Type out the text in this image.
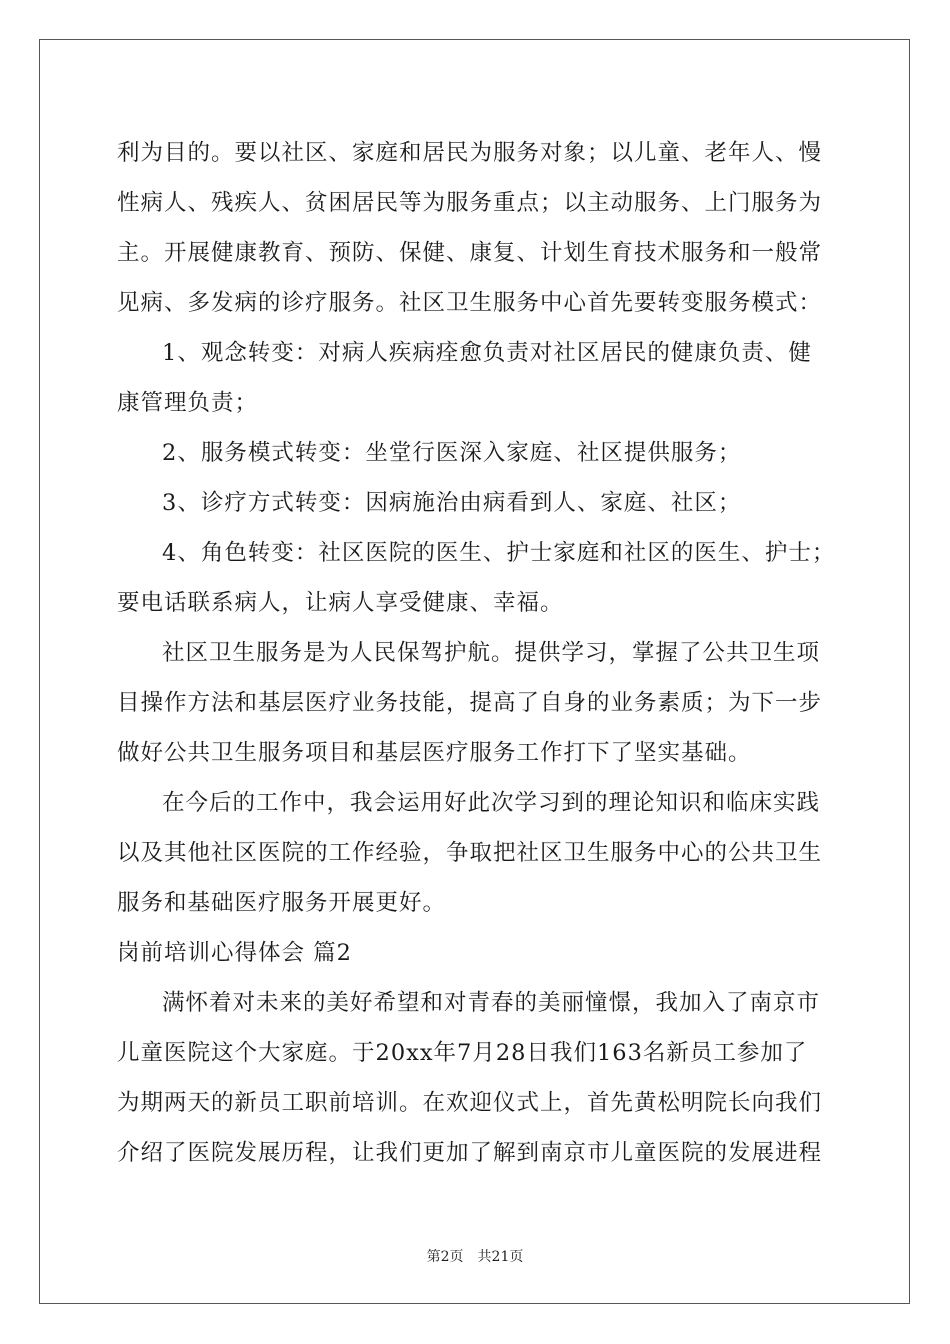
利为目的。要以社区、家庭和居民为服务对象；以儿童、老年人、慢
性病人、残疾人、贫困居民等为服务重点；以主动服务、上门服务为
主。开展健康教育、预防、保健、康复、计划生育技术服务和一般常
见病、多发病的诊疗服务。社区卫生服务中心首先要转变服务模式：
1、观念转变：对病人疾病痊愈负责对社区居民的健康负责、健
康管理负责；
2、服务模式转变：坐堂行医深入家庭、社区提供服务；
3、诊疗方式转变：因病施治由病看到人、家庭、社区；
4、角色转变：社区医院的医生、护士家庭和社区的医生、护士；
要电话联系病人，让病人享受健康、幸福。
社区卫生服务是为人民保驾护航。提供学习，掌握了公共卫生项
目操作方法和基层医疗业务技能，提高了自身的业务素质；为下一步
做好公共卫生服务项目和基层医疗服务工作打下了坚实基础。
在今后的工作中，我会运用好此次学习到的理论知识和临床实践
以及其他社区医院的工作经验，争取把社区卫生服务中心的公共卫生
服务和基础医疗服务开展更好。
岗前培训心得体会 篇2
满怀着对未来的美好希望和对青春的美丽憧憬，我加入了南京市
儿童医院这个大家庭。于20xx年7月28日我们163名新员工参加了
为期两天的新员工职前培训。在欢迎仪式上，首先黄松明院长向我们
介绍了医院发展历程，让我们更加了解到南京市儿童医院的发展进程
第2页 共21页
